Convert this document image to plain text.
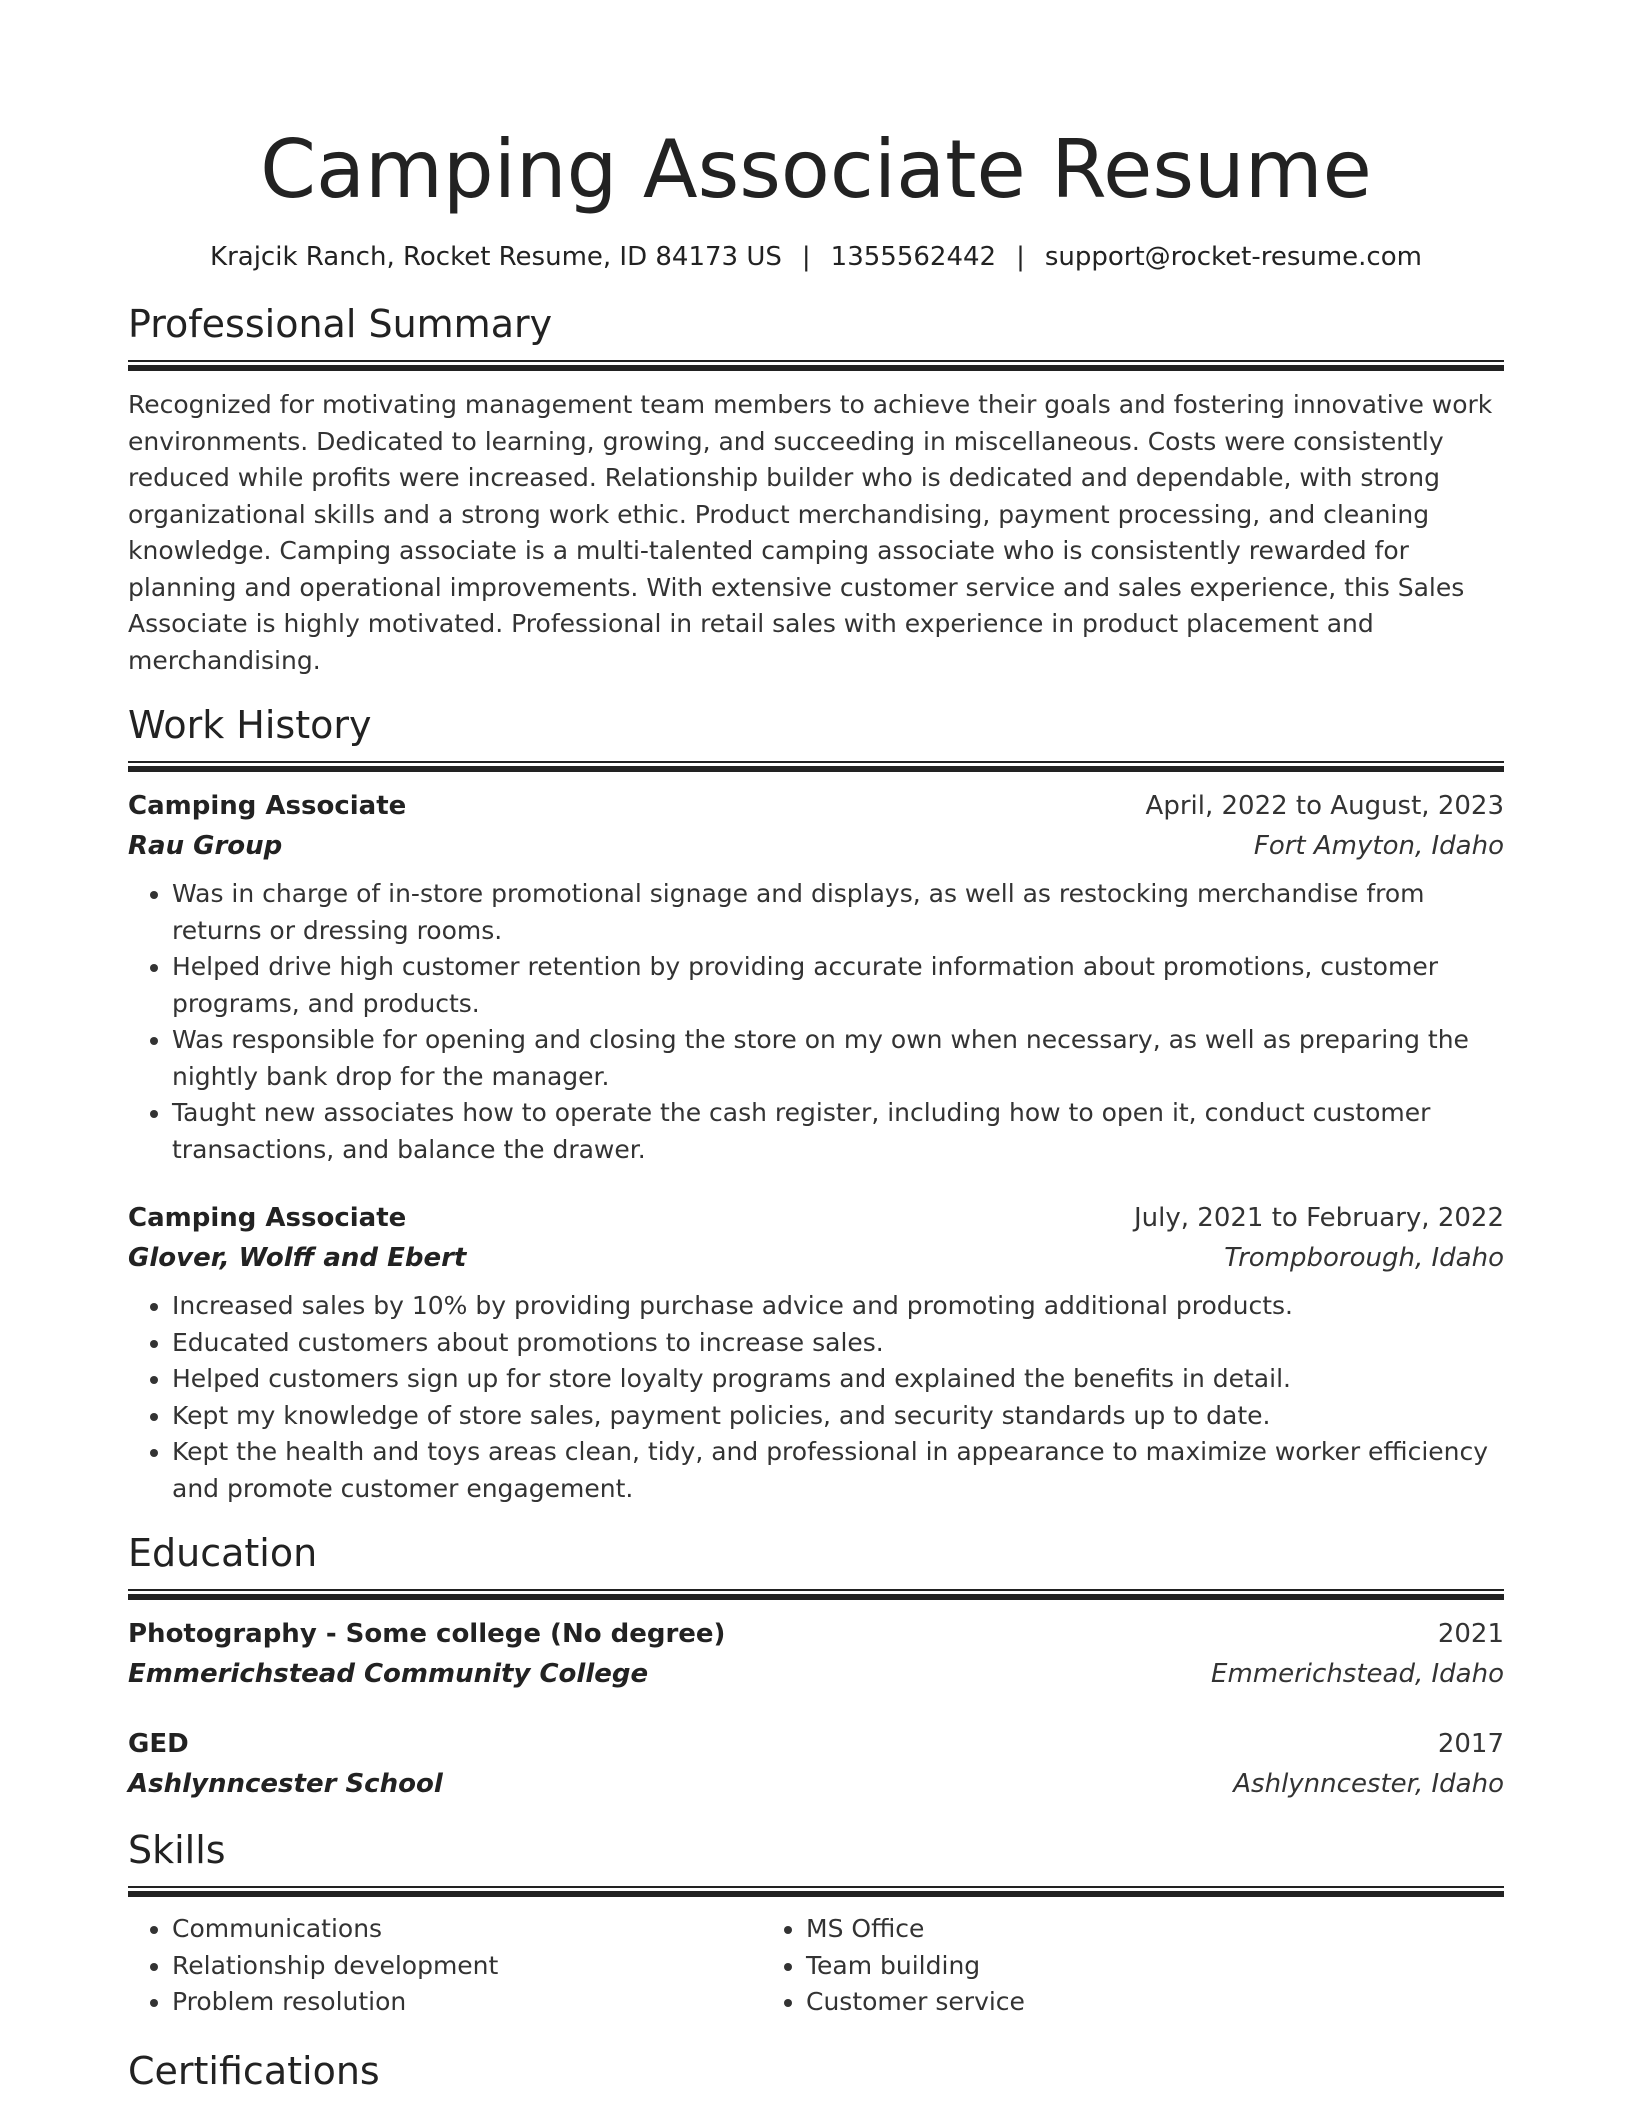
Camping Associate Resume
Krajcik Ranch, Rocket Resume, ID 84173 US | 1355562442 | support@rocket-resume.com
Professional Summary
Recognized for motivating management team members to achieve their goals and fostering innovative work environments. Dedicated to learning, growing, and succeeding in miscellaneous. Costs were consistently reduced while profits were increased. Relationship builder who is dedicated and dependable, with strong organizational skills and a strong work ethic. Product merchandising, payment processing, and cleaning knowledge. Camping associate is a multi-talented camping associate who is consistently rewarded for planning and operational improvements. With extensive customer service and sales experience, this Sales Associate is highly motivated. Professional in retail sales with experience in product placement and merchandising.
Work History
Camping Associate	April, 2022 to August, 2023
Rau Group	Fort Amyton, Idaho
• Was in charge of in-store promotional signage and displays, as well as restocking merchandise from returns or dressing rooms.
• Helped drive high customer retention by providing accurate information about promotions, customer programs, and products.
• Was responsible for opening and closing the store on my own when necessary, as well as preparing the nightly bank drop for the manager.
• Taught new associates how to operate the cash register, including how to open it, conduct customer transactions, and balance the drawer.
Camping Associate	July, 2021 to February, 2022
Glover, Wolff and Ebert	Trompborough, Idaho
• Increased sales by 10% by providing purchase advice and promoting additional products.
• Educated customers about promotions to increase sales.
• Helped customers sign up for store loyalty programs and explained the benefits in detail.
• Kept my knowledge of store sales, payment policies, and security standards up to date.
• Kept the health and toys areas clean, tidy, and professional in appearance to maximize worker efficiency and promote customer engagement.
Education
Photography - Some college (No degree)	2021
Emmerichstead Community College	Emmerichstead, Idaho
GED	2017
Ashlynncester School	Ashlynncester, Idaho
Skills
• Communications
• Relationship development
• Problem resolution
• MS Office
• Team building
• Customer service
Certifications
